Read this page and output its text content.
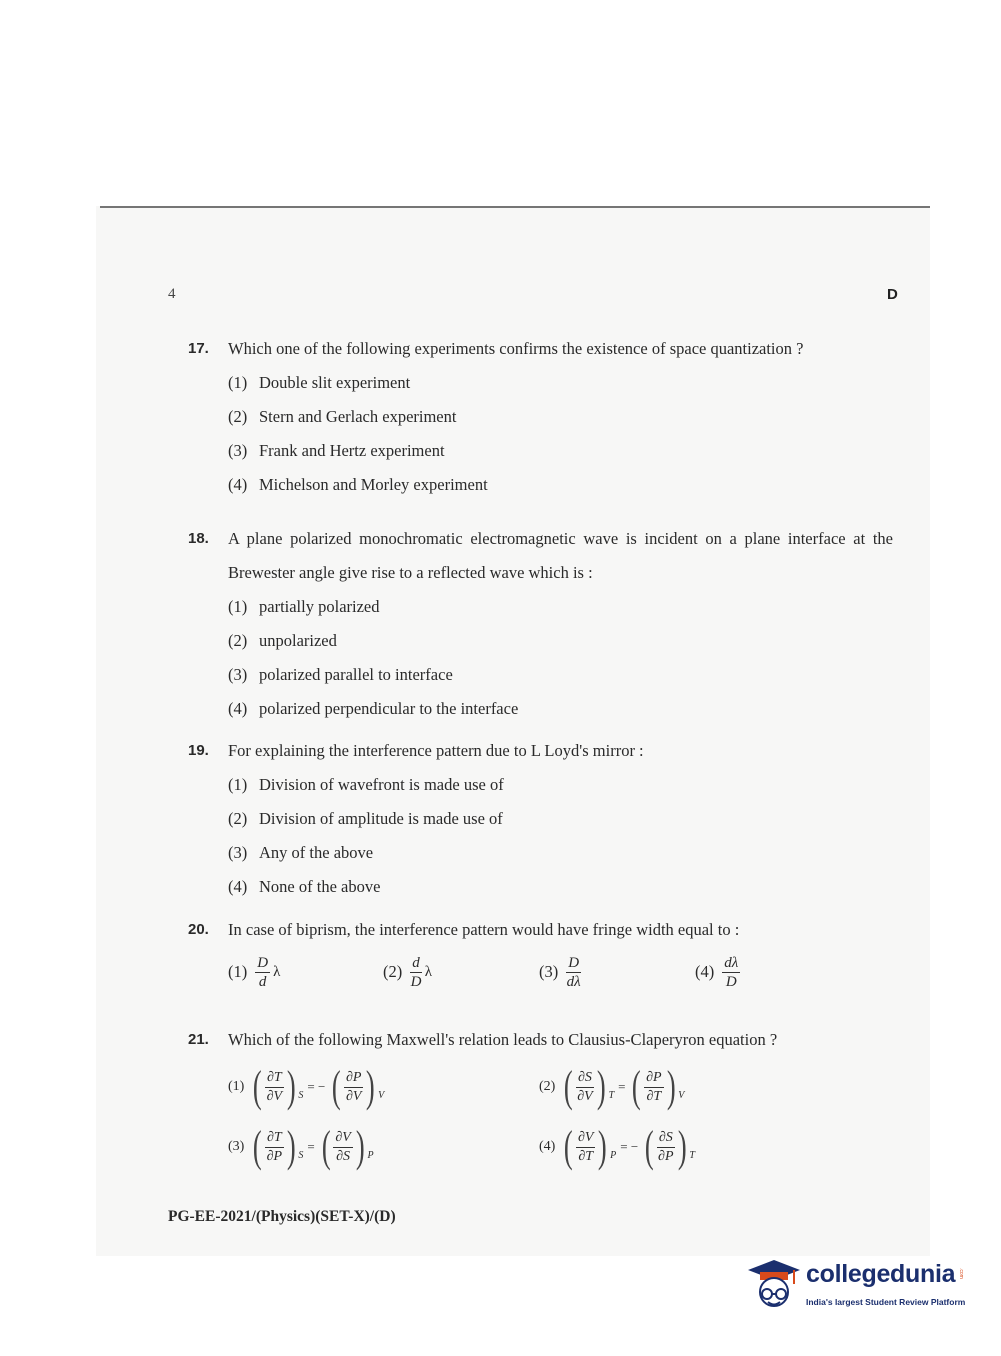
4	D
17. Which one of the following experiments confirms the existence of space quantization ?
(1) Double slit experiment
(2) Stern and Gerlach experiment
(3) Frank and Hertz experiment
(4) Michelson and Morley experiment
18. A plane polarized monochromatic electromagnetic wave is incident on a plane interface at the Brewester angle give rise to a reflected wave which is :
(1) partially polarized
(2) unpolarized
(3) polarized parallel to interface
(4) polarized perpendicular to the interface
19. For explaining the interference pattern due to L Loyd's mirror :
(1) Division of wavefront is made use of
(2) Division of amplitude is made use of
(3) Any of the above
(4) None of the above
20. In case of biprism, the interference pattern would have fringe width equal to :
$(1) \frac{D}{d}$ λ	$(2) \frac{d}{D}$ λ	$(3) \frac{D}{d\lambda}$	$(4) \frac{d\lambda}{D}$
21. Which of the following Maxwell's relation leads to Clausius-Claperyron equation ?
(1) ( ∂T
∂V ) S
= − ( ∂P
∂V ) V
(2) ( ∂S
∂V ) T
= ( ∂P
∂T ) V
(3) ( ∂T
∂P ) S
= ( ∂V
∂S ) P
(4) ( ∂V
∂T ) P
= − ( ∂S
∂P ) T
PG-EE-2021/(Physics)(SET-X)/(D)
collegedunia .com
India's largest Student Review Platform
